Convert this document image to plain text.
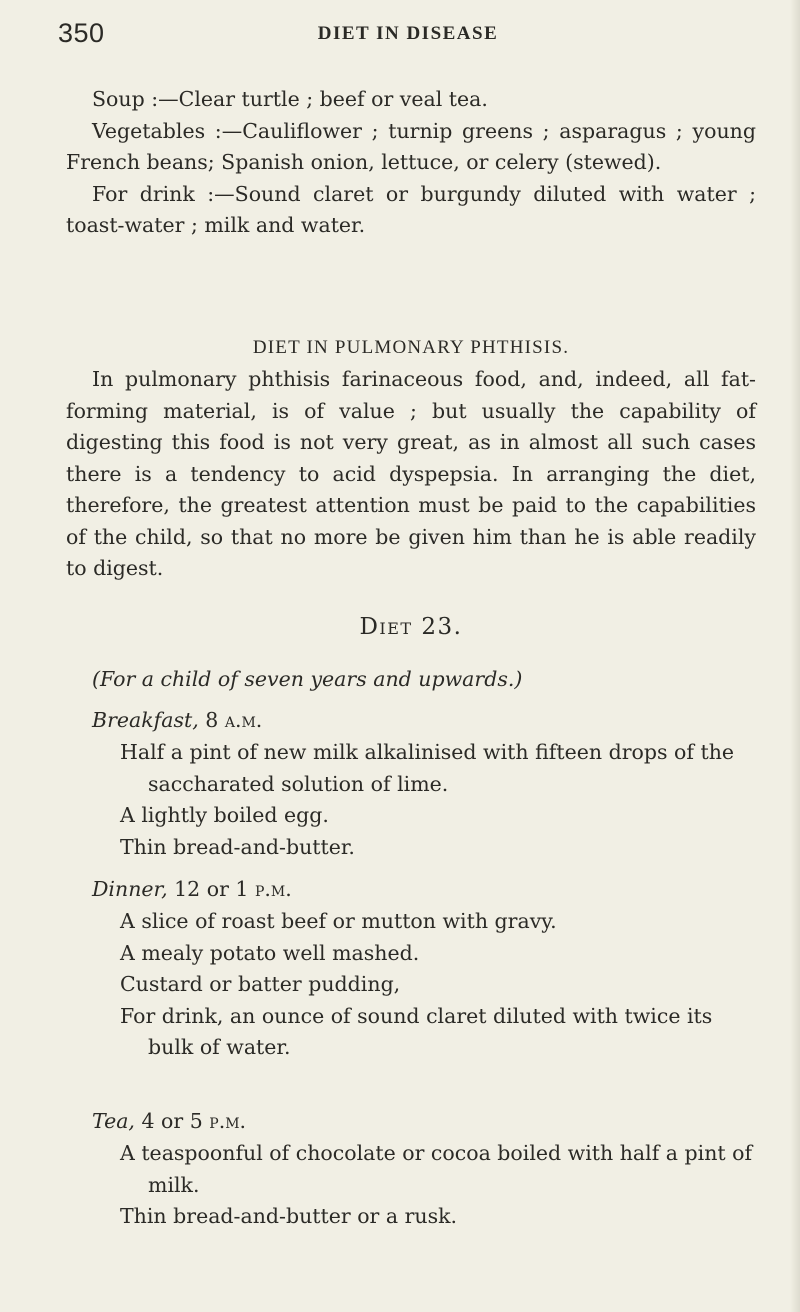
350	DIET IN DISEASE

Soup :—Clear turtle ; beef or veal tea.

Vegetables :—Cauliflower ; turnip greens ; asparagus ; young French beans; Spanish onion, lettuce, or celery (stewed).

For drink :—Sound claret or burgundy diluted with water ; toast-water ; milk and water.

DIET IN PULMONARY PHTHISIS.

In pulmonary phthisis farinaceous food, and, indeed, all fat-forming material, is of value ; but usually the capability of digesting this food is not very great, as in almost all such cases there is a tendency to acid dyspepsia. In arranging the diet, therefore, the greatest attention must be paid to the capabilities of the child, so that no more be given him than he is able readily to digest.

Diet 23.
(For a child of seven years and upwards.)
Breakfast, 8 a.m.

Half a pint of new milk alkalinised with fifteen drops of the saccharated solution of lime.

A lightly boiled egg.

Thin bread-and-butter.

Dinner, 12 or 1 p.m.

A slice of roast beef or mutton with gravy.

A mealy potato well mashed.

Custard or batter pudding,

For drink, an ounce of sound claret diluted with twice its bulk of water.

Tea, 4 or 5 p.m.

A teaspoonful of chocolate or cocoa boiled with half a pint of milk.

Thin bread-and-butter or a rusk.
